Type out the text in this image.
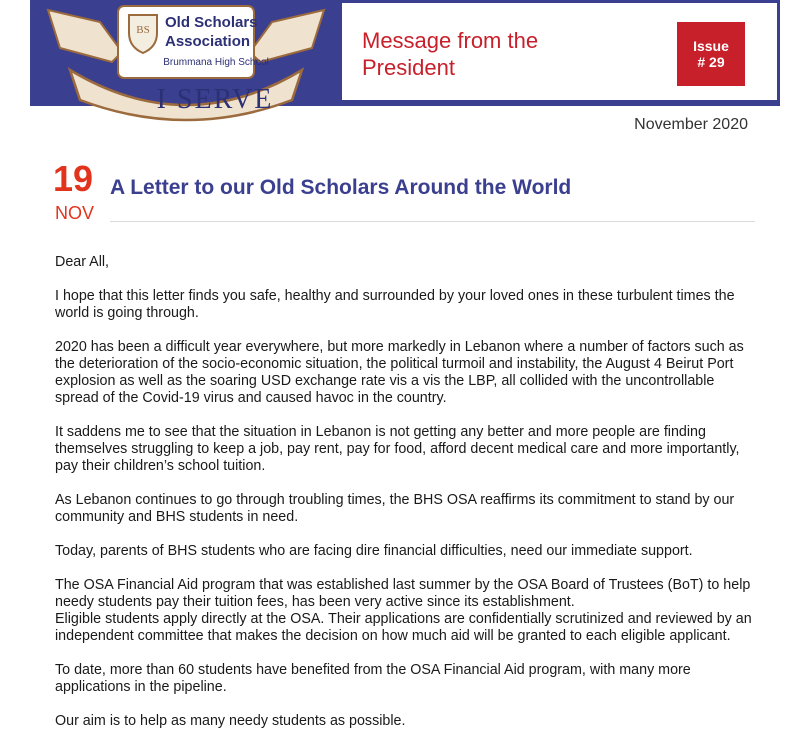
Message from the President
Issue
# 29
BS Old Scholars
Association
Brummana High School
I SERVE
November 2020
19
NOV
A Letter to our Old Scholars Around the World

Dear All,

I hope that this letter finds you safe, healthy and surrounded by your loved ones in these turbulent times the world is going through.

2020 has been a difficult year everywhere, but more markedly in Lebanon where a number of factors such as the deterioration of the socio-economic situation, the political turmoil and instability, the August 4 Beirut Port explosion as well as the soaring USD exchange rate vis a vis the LBP, all collided with the uncontrollable spread of the Covid-19 virus and caused havoc in the country.

It saddens me to see that the situation in Lebanon is not getting any better and more people are finding themselves struggling to keep a job, pay rent, pay for food, afford decent medical care and more importantly, pay their children’s school tuition.

As Lebanon continues to go through troubling times, the BHS OSA reaffirms its commitment to stand by our community and BHS students in need.

Today, parents of BHS students who are facing dire financial difficulties, need our immediate support.

The OSA Financial Aid program that was established last summer by the OSA Board of Trustees (BoT) to help needy students pay their tuition fees, has been very active since its establishment.

Eligible students apply directly at the OSA. Their applications are confidentially scrutinized and reviewed by an independent committee that makes the decision on how much aid will be granted to each eligible applicant.

To date, more than 60 students have benefited from the OSA Financial Aid program, with many more applications in the pipeline.

Our aim is to help as many needy students as possible.
